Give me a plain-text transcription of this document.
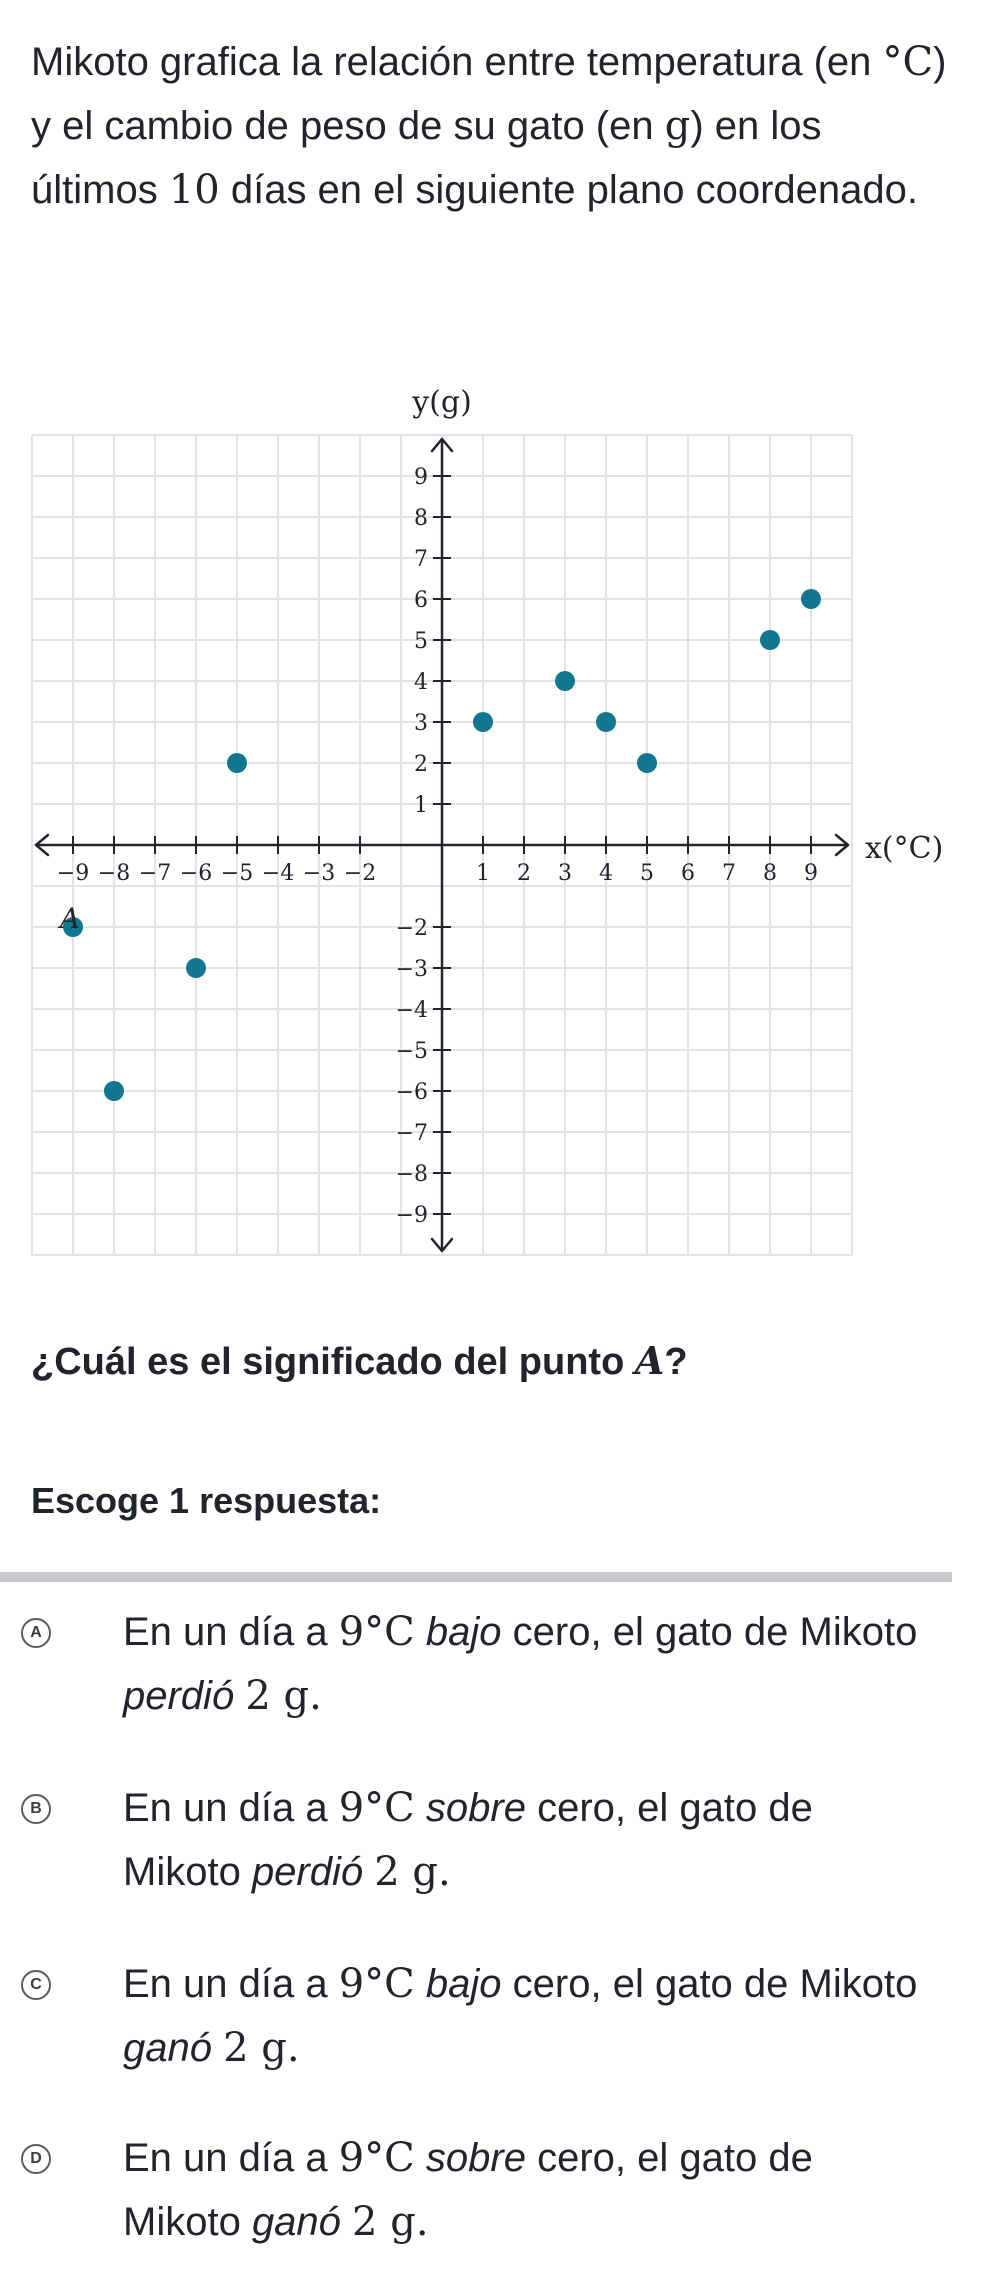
Mikoto grafica la relación entre temperatura (en °C) y el cambio de peso de su gato (en g) en los últimos 10 días en el siguiente plano coordenado.

−9 −8 −7 −6 −5 −4 −3 −2	1 2 3 4 5 6 7 8 9
9
8
7
6
5
4
3
2
1
−2
−3
−4
−5
−6
−7
−8
−9
y(g)
x(°C)
A

¿Cuál es el significado del punto A?

Escoge 1 respuesta:

A En un día a 9°C bajo cero, el gato de Mikoto perdió 2 g.

B En un día a 9°C sobre cero, el gato de Mikoto perdió 2 g.

C En un día a 9°C bajo cero, el gato de Mikoto ganó 2 g.

D En un día a 9°C sobre cero, el gato de Mikoto ganó 2 g.
